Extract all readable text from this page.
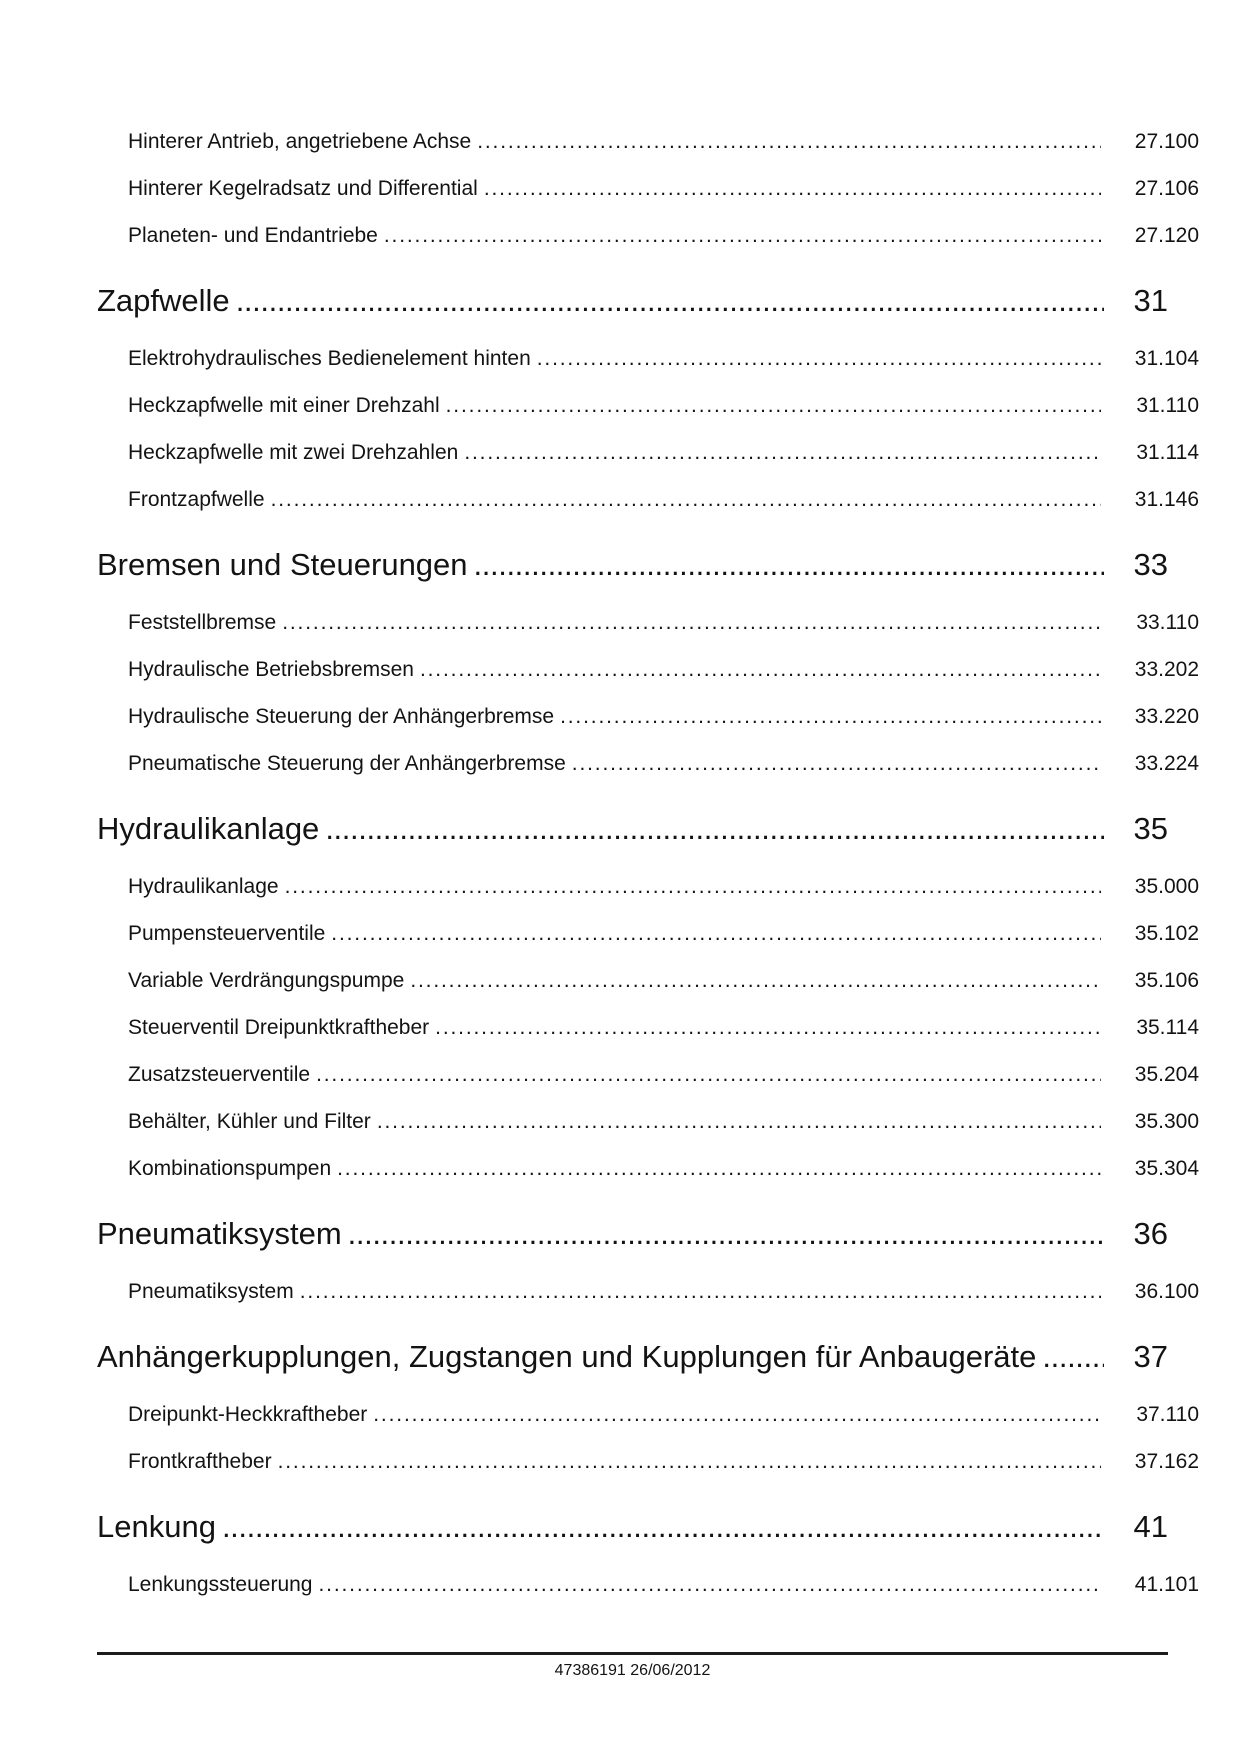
Hinterer Antrieb, angetriebene Achse . . .	27.100
Hinterer Kegelradsatz und Differential . . .	27.106
Planeten- und Endantriebe . . .	27.120
Zapfwelle . . .	31
Elektrohydraulisches Bedienelement hinten . . .	31.104
Heckzapfwelle mit einer Drehzahl . . .	31.110
Heckzapfwelle mit zwei Drehzahlen . . .	31.114
Frontzapfwelle . . .	31.146
Bremsen und Steuerungen . . .	33
Feststellbremse . . .	33.110
Hydraulische Betriebsbremsen . . .	33.202
Hydraulische Steuerung der Anhängerbremse . . .	33.220
Pneumatische Steuerung der Anhängerbremse . . .	33.224
Hydraulikanlage . . .	35
Hydraulikanlage . . .	35.000
Pumpensteuerventile . . .	35.102
Variable Verdrängungspumpe . . .	35.106
Steuerventil Dreipunktkraftheber . . .	35.114
Zusatzsteuerventile . . .	35.204
Behälter, Kühler und Filter . . .	35.300
Kombinationspumpen . . .	35.304
Pneumatiksystem . . .	36
Pneumatiksystem . . .	36.100
Anhängerkupplungen, Zugstangen und Kupplungen für Anbaugeräte . . .	37
Dreipunkt-Heckkraftheber . . .	37.110
Frontkraftheber . . .	37.162
Lenkung . . .	41
Lenkungssteuerung . . .	41.101
47386191 26/06/2012
